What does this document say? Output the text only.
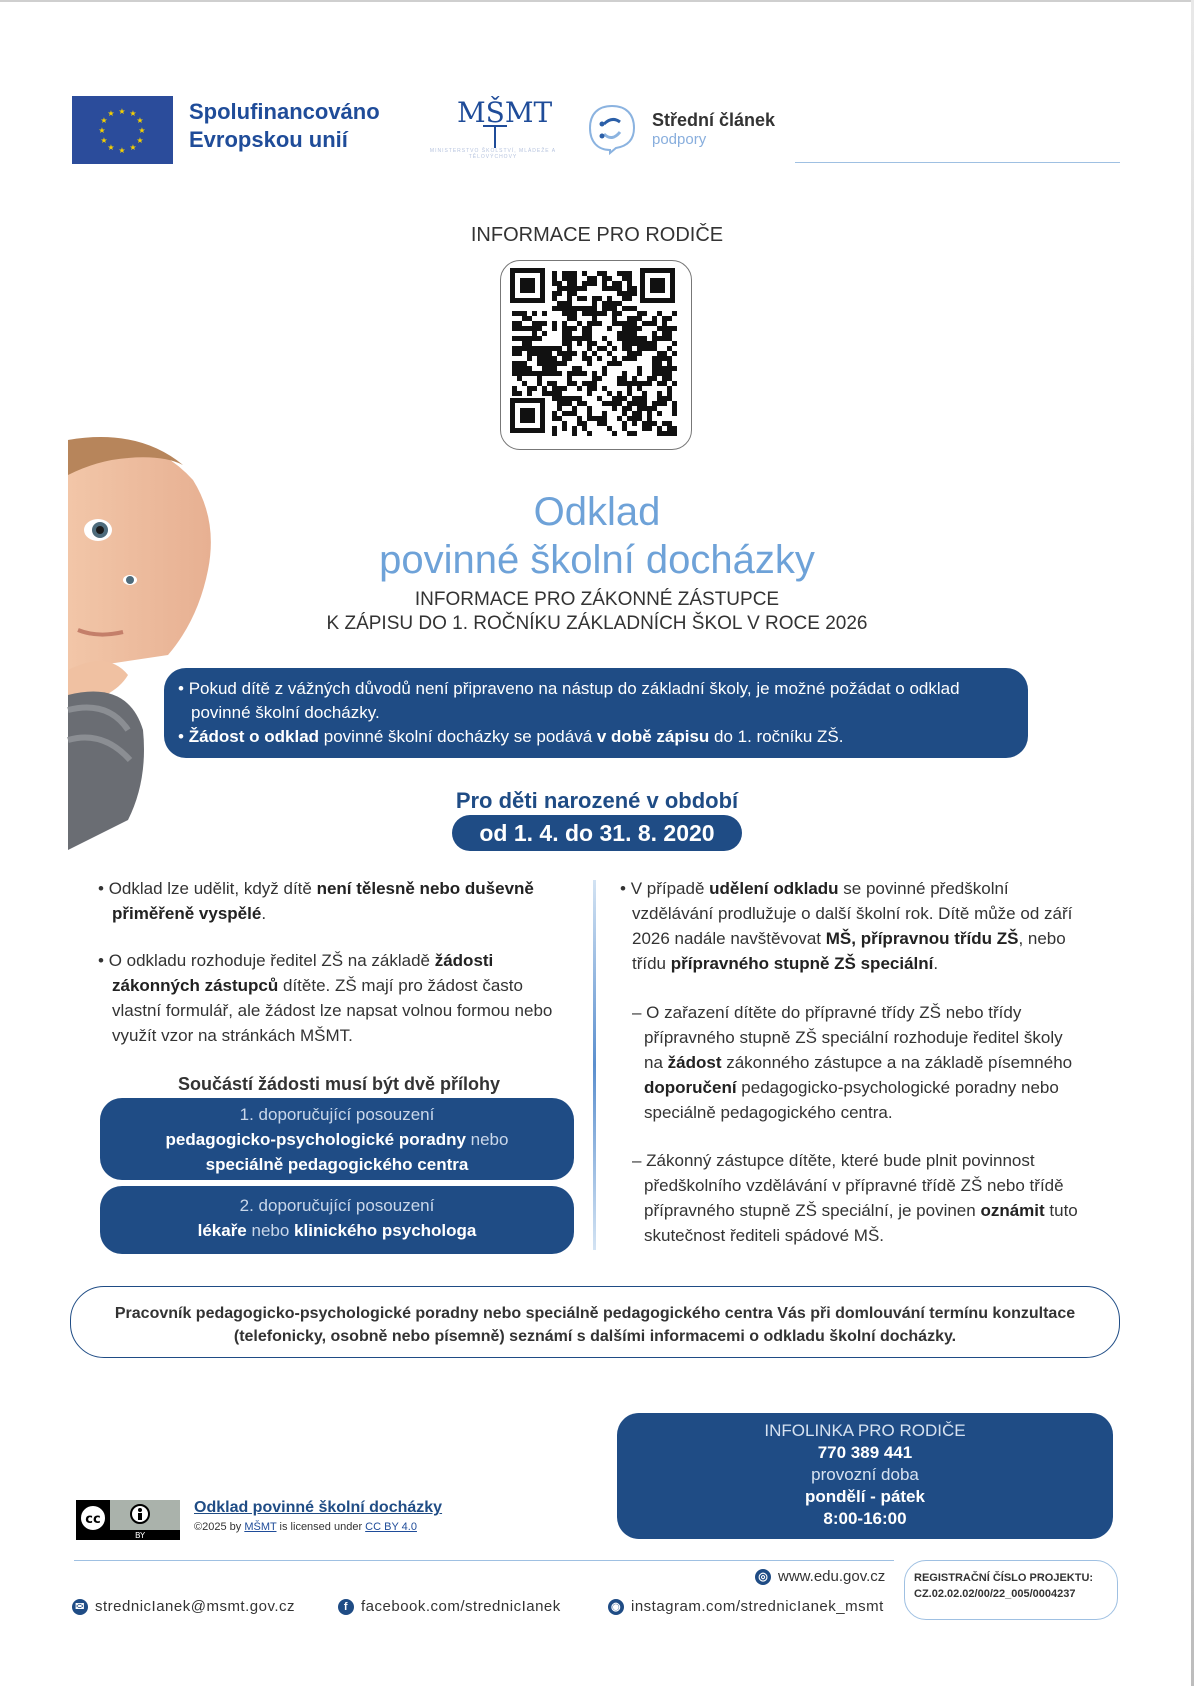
★ ★
★
★
★
★
★
★
★
★
★
★	Spolufinancováno
Evropskou unií
MŠMT
MINISTERSTVO ŠKOLSTVÍ, MLÁDEŽE A TĚLOVÝCHOVY
Střední článek
podpory
INFORMACE PRO RODIČE
Odklad
povinné školní docházky
INFORMACE PRO ZÁKONNÉ ZÁSTUPCE
K ZÁPISU DO 1. ROČNÍKU ZÁKLADNÍCH ŠKOL V ROCE 2026

• Pokud dítě z vážných důvodů není připraveno na nástup do základní školy, je možné požádat o odklad

povinné školní docházky.

• Žádost o odklad povinné školní docházky se podává v době zápisu do 1. ročníku ZŠ.

Pro děti narozené v období
od 1. 4. do 31. 8. 2020
• Odklad lze udělit, když dítě není tělesně nebo duševně
přiměřeně vyspělé.
• O odkladu rozhoduje ředitel ZŠ na základě žádosti
zákonných zástupců dítěte. ZŠ mají pro žádost často
vlastní formulář, ale žádost lze napsat volnou formou nebo
využít vzor na stránkách MŠMT.
Součástí žádosti musí být dvě přílohy
1. doporučující posouzení
pedagogicko-psychologické poradny nebo
speciálně pedagogického centra
2. doporučující posouzení
lékaře nebo klinického psychologa
• V případě udělení odkladu se povinné předškolní
vzdělávání prodlužuje o další školní rok. Dítě může od září
2026 nadále navštěvovat MŠ, přípravnou třídu ZŠ, nebo
třídu přípravného stupně ZŠ speciální.
– O zařazení dítěte do přípravné třídy ZŠ nebo třídy
přípravného stupně ZŠ speciální rozhoduje ředitel školy
na žádost zákonného zástupce a na základě písemného
doporučení pedagogicko-psychologické poradny nebo
speciálně pedagogického centra.
– Zákonný zástupce dítěte, které bude plnit povinnost
předškolního vzdělávání v přípravné třídě ZŠ nebo třídě
přípravného stupně ZŠ speciální, je povinen oznámit tuto
skutečnost řediteli spádové MŠ.
Pracovník pedagogicko-psychologické poradny nebo speciálně pedagogického centra Vás při domlouvání termínu konzultace
(telefonicky, osobně nebo písemně) seznámí s dalšími informacemi o odkladu školní docházky.
INFOLINKA PRO RODIČE
770 389 441
provozní doba
pondělí - pátek
8:00-16:00
cc
BY
Odklad povinné školní docházky
©2025 by MŠMT is licensed under CC BY 4.0
◎ www.edu.gov.cz	REGISTRAČNÍ ČÍSLO PROJEKTU:
CZ.02.02.02/00/22_005/0004237
✉ strednicIanek@msmt.gov.cz	f facebook.com/strednicIanek	◉ instagram.com/strednicIanek_msmt
